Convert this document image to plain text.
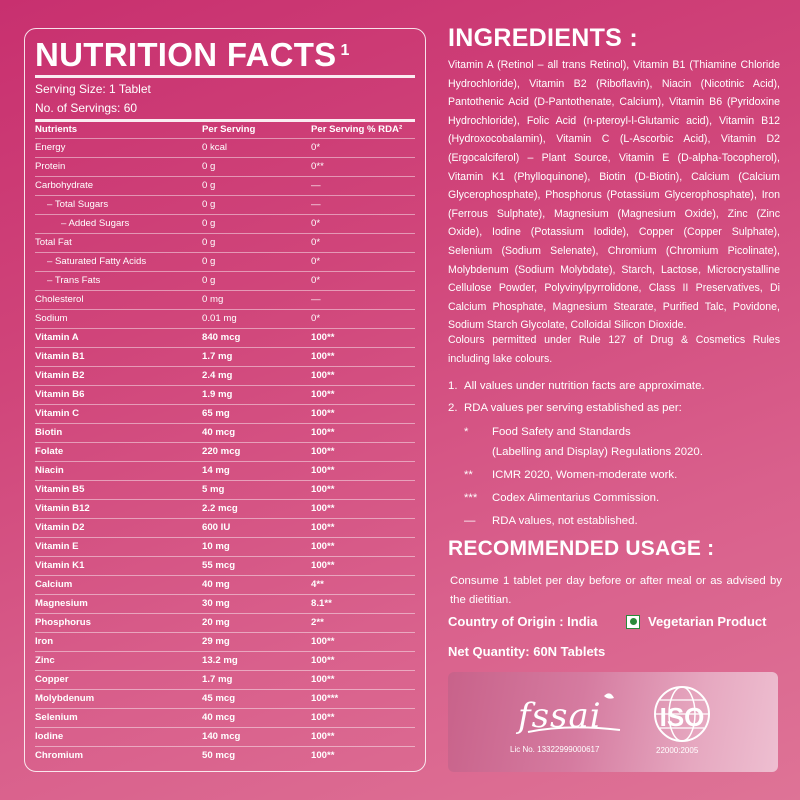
NUTRITION FACTS $^1$
Serving Size: 1 Tablet
No. of Servings: 60
Nutrients	Per Serving	Per Serving % RDA²
Energy	0 kcal	0*
Protein	0 g	0**
Carbohydrate	0 g	—
– Total Sugars	0 g	—
– Added Sugars	0 g	0*
Total Fat	0 g	0*
– Saturated Fatty Acids	0 g	0*
– Trans Fats	0 g	0*
Cholesterol	0 mg	—
Sodium	0.01 mg	0*
Vitamin A	840 mcg	100**
Vitamin B1	1.7 mg	100**
Vitamin B2	2.4 mg	100**
Vitamin B6	1.9 mg	100**
Vitamin C	65 mg	100**
Biotin	40 mcg	100**
Folate	220 mcg	100**
Niacin	14 mg	100**
Vitamin B5	5 mg	100**
Vitamin B12	2.2 mcg	100**
Vitamin D2	600 IU	100**
Vitamin E	10 mg	100**
Vitamin K1	55 mcg	100**
Calcium	40 mg	4**
Magnesium	30 mg	8.1**
Phosphorus	20 mg	2**
Iron	29 mg	100**
Zinc	13.2 mg	100**
Copper	1.7 mg	100**
Molybdenum	45 mcg	100***
Selenium	40 mcg	100**
Iodine	140 mcg	100**
Chromium	50 mcg	100**
INGREDIENTS :
Vitamin A (Retinol – all trans Retinol), Vitamin B1 (Thiamine Chloride Hydrochloride), Vitamin B2 (Riboflavin), Niacin (Nicotinic Acid), Pantothenic Acid (D-Pantothenate, Calcium), Vitamin B6 (Pyridoxine Hydrochloride), Folic Acid (n-pteroyl-l-Glutamic acid), Vitamin B12 (Hydroxocobalamin), Vitamin C (L-Ascorbic Acid), Vitamin D2 (Ergocalciferol) – Plant Source, Vitamin E (D-alpha-Tocopherol), Vitamin K1 (Phylloquinone), Biotin (D-Biotin), Calcium (Calcium Glycerophosphate), Phosphorus (Potassium Glycerophosphate), Iron (Ferrous Sulphate), Magnesium (Magnesium Oxide), Zinc (Zinc Oxide), Iodine (Potassium Iodide), Copper (Copper Sulphate), Selenium (Sodium Selenate), Chromium (Chromium Picolinate), Molybdenum (Sodium Molybdate), Starch, Lactose, Microcrystalline Cellulose Powder, Polyvinylpyrrolidone, Class II Preservatives, Di Calcium Phosphate, Magnesium Stearate, Purified Talc, Povidone, Sodium Starch Glycolate, Colloidal Silicon Dioxide.
Colours permitted under Rule 127 of Drug & Cosmetics Rules including lake colours.
1. All values under nutrition facts are approximate.
2. RDA values per serving established as per:
*	Food Safety and Standards
(Labelling and Display) Regulations 2020.
**	ICMR 2020, Women-moderate work.
***	Codex Alimentarius Commission.
—	RDA values, not established.
RECOMMENDED USAGE :
Consume 1 tablet per day before or after meal or as advised by the dietitian.
Country of Origin : India	Vegetarian Product
Net Quantity: 60N Tablets
fssai
Lic No. 13322999000617
ISO
22000:2005
